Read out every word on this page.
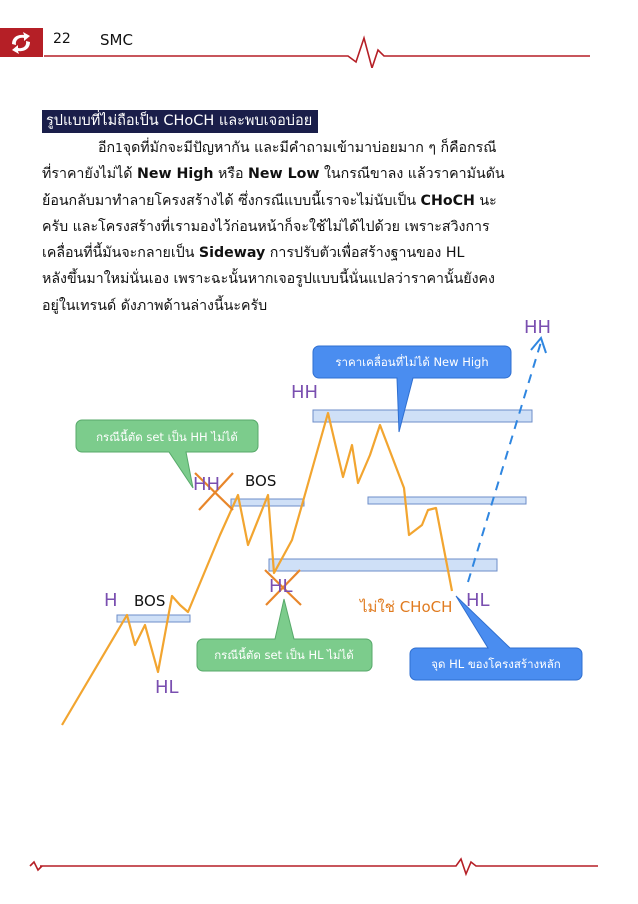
22 SMC
รูปแบบที่ไม่ถือเป็น CHoCH และพบเจอบ่อย

อีก1จุดที่มักจะมีปัญหากัน และมีคำถามเข้ามาบ่อยมาก ๆ ก็คือกรณี

ที่ราคายังไม่ได้ New High หรือ New Low ในกรณีขาลง แล้วราคามันดัน

ย้อนกลับมาทำลายโครงสร้างได้ ซึ่งกรณีแบบนี้เราจะไม่นับเป็น CHoCH นะ

ครับ และโครงสร้างที่เรามองไว้ก่อนหน้าก็จะใช้ไม่ได้ไปด้วย เพราะสวิงการ

เคลื่อนที่นี้มันจะกลายเป็น Sideway การปรับตัวเพื่อสร้างฐานของ HL

หลังขึ้นมาใหม่นั่นเอง เพราะฉะนั้นหากเจอรูปแบบนี้นั่นแปลว่าราคานั้นยังคง

อยู่ในเทรนด์ ดังภาพด้านล่างนี้นะครับ

H BOS
HL
HH BOS
HH
HL
ไม่ใช่ CHoCH HL
HH
กรณีนี้ตัด set เป็น HH ไม่ได้
กรณีนี้ตัด set เป็น HL ไม่ได้
ราคาเคลื่อนที่ไม่ได้ New High
จุด HL ของโครงสร้างหลัก
